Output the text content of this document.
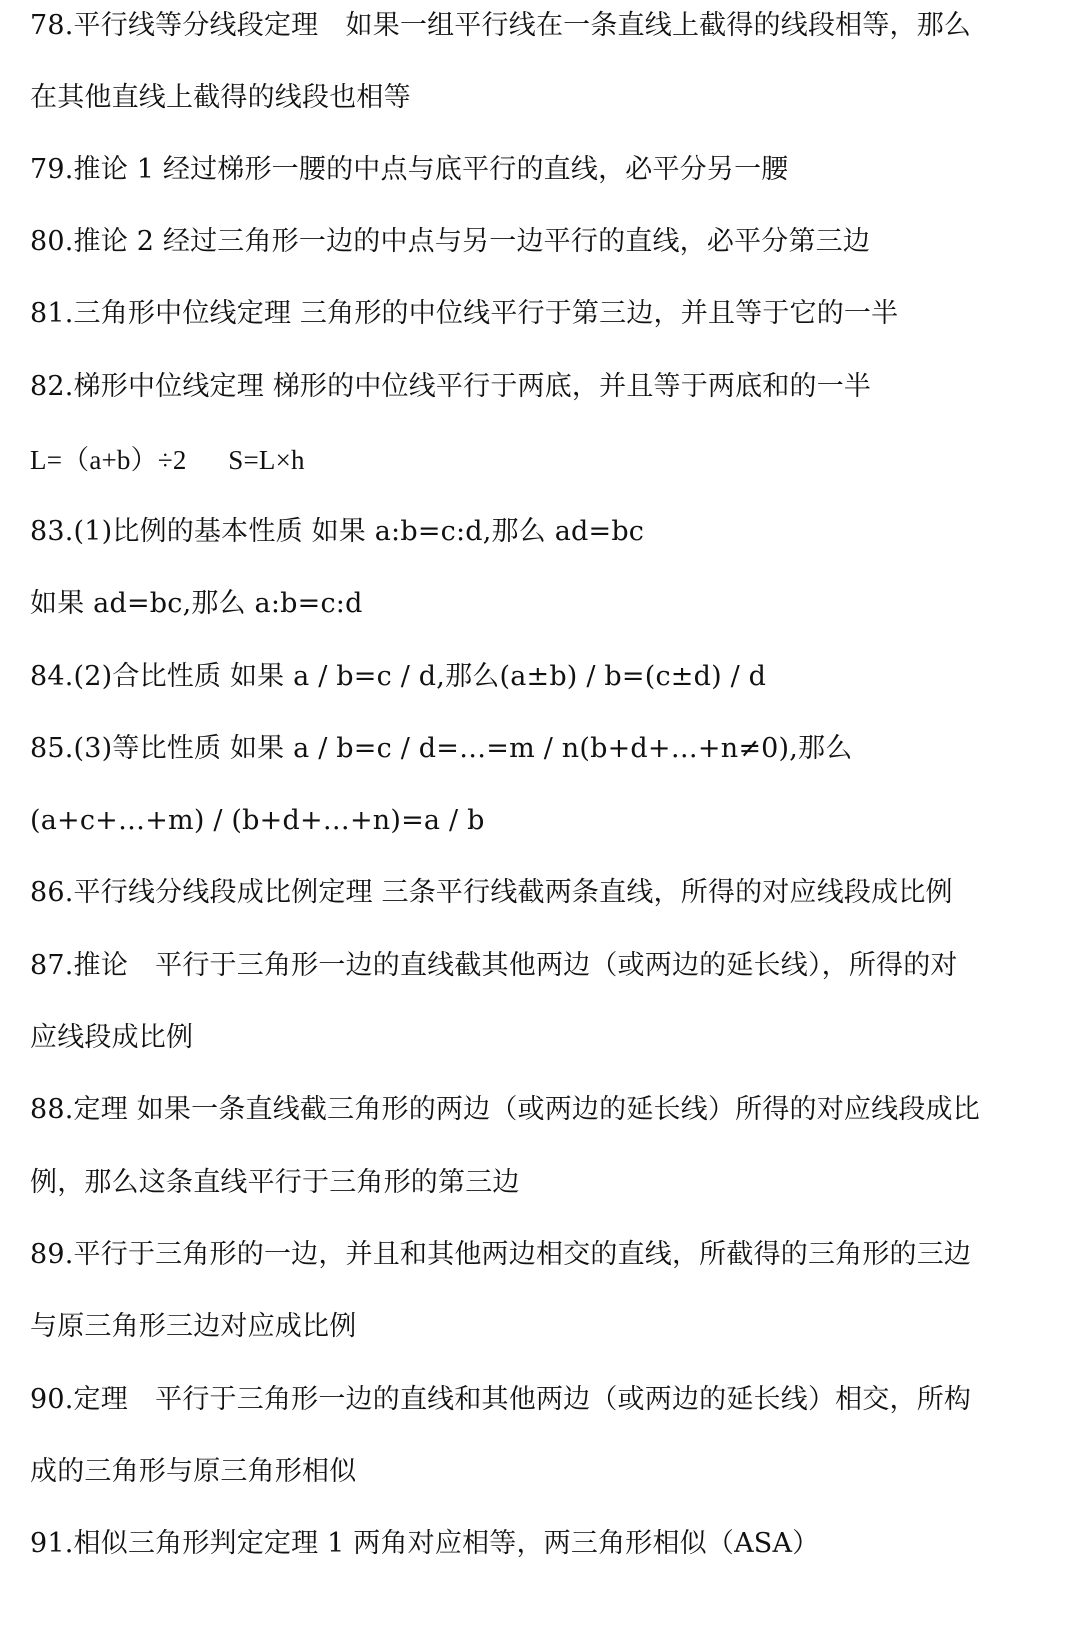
78.平行线等分线段定理　如果一组平行线在一条直线上截得的线段相等，那么
在其他直线上截得的线段也相等
79.推论 1 经过梯形一腰的中点与底平行的直线，必平分另一腰
80.推论 2 经过三角形一边的中点与另一边平行的直线，必平分第三边
81.三角形中位线定理 三角形的中位线平行于第三边，并且等于它的一半
82.梯形中位线定理 梯形的中位线平行于两底，并且等于两底和的一半
L=（a+b）÷2      S=L×h
83.(1)比例的基本性质 如果 a:b=c:d,那么 ad=bc
如果 ad=bc,那么 a:b=c:d
84.(2)合比性质 如果 a / b=c / d,那么(a±b) / b=(c±d) / d
85.(3)等比性质 如果 a / b=c / d=…=m / n(b+d+…+n≠0),那么
(a+c+…+m) / (b+d+…+n)=a / b
86.平行线分线段成比例定理 三条平行线截两条直线，所得的对应线段成比例
87.推论　平行于三角形一边的直线截其他两边（或两边的延长线），所得的对
应线段成比例
88.定理 如果一条直线截三角形的两边（或两边的延长线）所得的对应线段成比
例，那么这条直线平行于三角形的第三边
89.平行于三角形的一边，并且和其他两边相交的直线，所截得的三角形的三边
与原三角形三边对应成比例
90.定理　平行于三角形一边的直线和其他两边（或两边的延长线）相交，所构
成的三角形与原三角形相似
91.相似三角形判定定理 1 两角对应相等，两三角形相似（ASA）
